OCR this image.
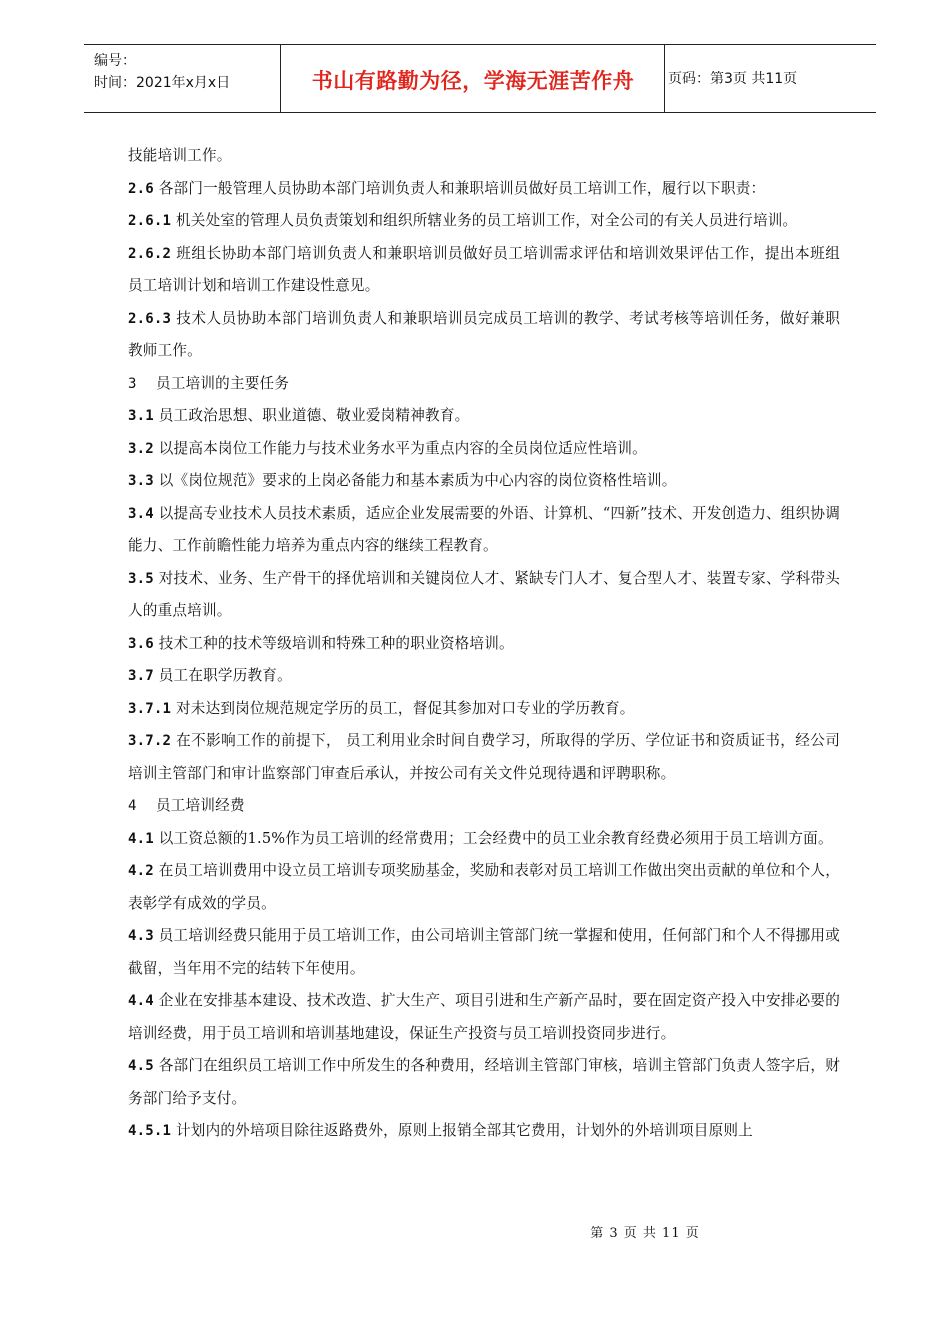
编号：
时间：2021年x月x日	书山有路勤为径，学海无涯苦作舟	页码：第3页 共11页

技能培训工作。

2.6 各部门一般管理人员协助本部门培训负责人和兼职培训员做好员工培训工作，履行以下职责：

2.6.1 机关处室的管理人员负责策划和组织所辖业务的员工培训工作，对全公司的有关人员进行培训。

2.6.2 班组长协助本部门培训负责人和兼职培训员做好员工培训需求评估和培训效果评估工作，提出本班组员工培训计划和培训工作建设性意见。

2.6.3 技术人员协助本部门培训负责人和兼职培训员完成员工培训的教学、考试考核等培训任务，做好兼职教师工作。

3    员工培训的主要任务

3.1 员工政治思想、职业道德、敬业爱岗精神教育。

3.2 以提高本岗位工作能力与技术业务水平为重点内容的全员岗位适应性培训。

3.3 以《岗位规范》要求的上岗必备能力和基本素质为中心内容的岗位资格性培训。

3.4 以提高专业技术人员技术素质，适应企业发展需要的外语、计算机、“四新”技术、开发创造力、组织协调能力、工作前瞻性能力培养为重点内容的继续工程教育。

3.5 对技术、业务、生产骨干的择优培训和关键岗位人才、紧缺专门人才、复合型人才、装置专家、学科带头人的重点培训。

3.6 技术工种的技术等级培训和特殊工种的职业资格培训。

3.7 员工在职学历教育。

3.7.1 对未达到岗位规范规定学历的员工，督促其参加对口专业的学历教育。

3.7.2 在不影响工作的前提下， 员工利用业余时间自费学习，所取得的学历、学位证书和资质证书，经公司培训主管部门和审计监察部门审查后承认，并按公司有关文件兑现待遇和评聘职称。

4    员工培训经费

4.1 以工资总额的1.5%作为员工培训的经常费用；工会经费中的员工业余教育经费必须用于员工培训方面。

4.2 在员工培训费用中设立员工培训专项奖励基金，奖励和表彰对员工培训工作做出突出贡献的单位和个人，表彰学有成效的学员。

4.3 员工培训经费只能用于员工培训工作，由公司培训主管部门统一掌握和使用，任何部门和个人不得挪用或截留，当年用不完的结转下年使用。

4.4 企业在安排基本建设、技术改造、扩大生产、项目引进和生产新产品时，要在固定资产投入中安排必要的培训经费，用于员工培训和培训基地建设，保证生产投资与员工培训投资同步进行。

4.5 各部门在组织员工培训工作中所发生的各种费用，经培训主管部门审核，培训主管部门负责人签字后，财务部门给予支付。

4.5.1 计划内的外培项目除往返路费外，原则上报销全部其它费用，计划外的外培训项目原则上

第 3 页 共 11 页
